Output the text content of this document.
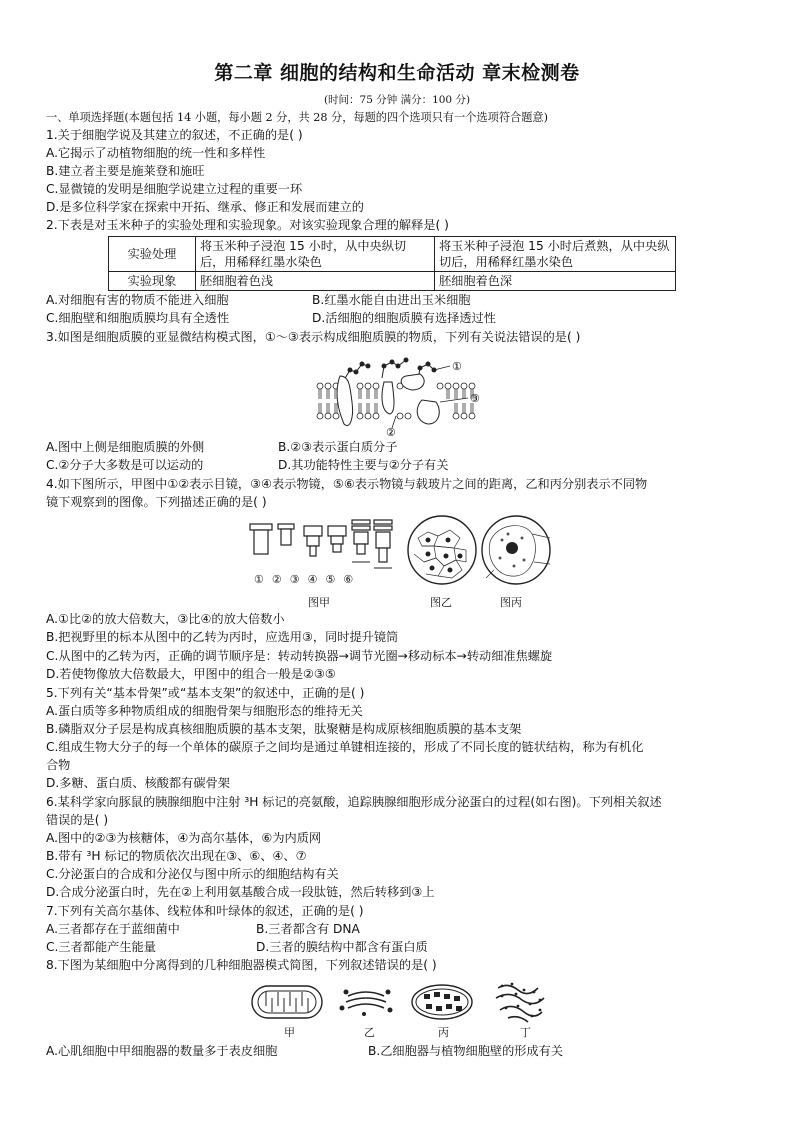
第二章 细胞的结构和生命活动 章末检测卷
(时间：75 分钟 满分：100 分)
一、单项选择题(本题包括 14 小题，每小题 2 分，共 28 分，每题的四个选项只有一个选项符合题意)
1.关于细胞学说及其建立的叙述，不正确的是( )
A.它揭示了动植物细胞的统一性和多样性
B.建立者主要是施莱登和施旺
C.显微镜的发明是细胞学说建立过程的重要一环
D.是多位科学家在探索中开拓、继承、修正和发展而建立的
2.下表是对玉米种子的实验处理和实验现象。对该实验现象合理的解释是( )
实验处理	将玉米种子浸泡 15 小时，从中央纵切后，用稀释红墨水染色	将玉米种子浸泡 15 小时后煮熟，从中央纵切后，用稀释红墨水染色
实验现象	胚细胞着色浅	胚细胞着色深
A.对细胞有害的物质不能进入细胞	B.红墨水能自由进出玉米细胞
C.细胞壁和细胞质膜均具有全透性	D.活细胞的细胞质膜有选择透过性
3.如图是细胞质膜的亚显微结构模式图，①～③表示构成细胞质膜的物质，下列有关说法错误的是( )
①
③
②
A.图中上侧是细胞质膜的外侧	B.②③表示蛋白质分子
C.②分子大多数是可以运动的	D.其功能特性主要与②分子有关
4.如下图所示，甲图中①②表示目镜，③④表示物镜，⑤⑥表示物镜与载玻片之间的距离，乙和丙分别表示不同物
镜下观察到的图像。下列描述正确的是( )
①②③④⑤⑥
图甲	图乙	图丙
A.①比②的放大倍数大，③比④的放大倍数小
B.把视野里的标本从图中的乙转为丙时，应选用③，同时提升镜筒
C.从图中的乙转为丙，正确的调节顺序是：转动转换器→调节光圈→移动标本→转动细准焦螺旋
D.若使物像放大倍数最大，甲图中的组合一般是②③⑤
5.下列有关“基本骨架”或“基本支架”的叙述中，正确的是( )
A.蛋白质等多种物质组成的细胞骨架与细胞形态的维持无关
B.磷脂双分子层是构成真核细胞质膜的基本支架，肽聚糖是构成原核细胞质膜的基本支架
C.组成生物大分子的每一个单体的碳原子之间均是通过单键相连接的，形成了不同长度的链状结构，称为有机化
合物
D.多糖、蛋白质、核酸都有碳骨架
6.某科学家向豚鼠的胰腺细胞中注射 ³H 标记的亮氨酸，追踪胰腺细胞形成分泌蛋白的过程(如右图)。下列相关叙述
错误的是( )
A.图中的②③为核糖体，④为高尔基体，⑥为内质网
B.带有 ³H 标记的物质依次出现在③、⑥、④、⑦
C.分泌蛋白的合成和分泌仅与图中所示的细胞结构有关
D.合成分泌蛋白时，先在②上利用氨基酸合成一段肽链，然后转移到③上
7.下列有关高尔基体、线粒体和叶绿体的叙述，正确的是( )
A.三者都存在于蓝细菌中	B.三者都含有 DNA
C.三者都能产生能量	D.三者的膜结构中都含有蛋白质
8.下图为某细胞中分离得到的几种细胞器模式简图，下列叙述错误的是( )
甲	乙	丙	丁
A.心肌细胞中甲细胞器的数量多于表皮细胞	B.乙细胞器与植物细胞壁的形成有关
